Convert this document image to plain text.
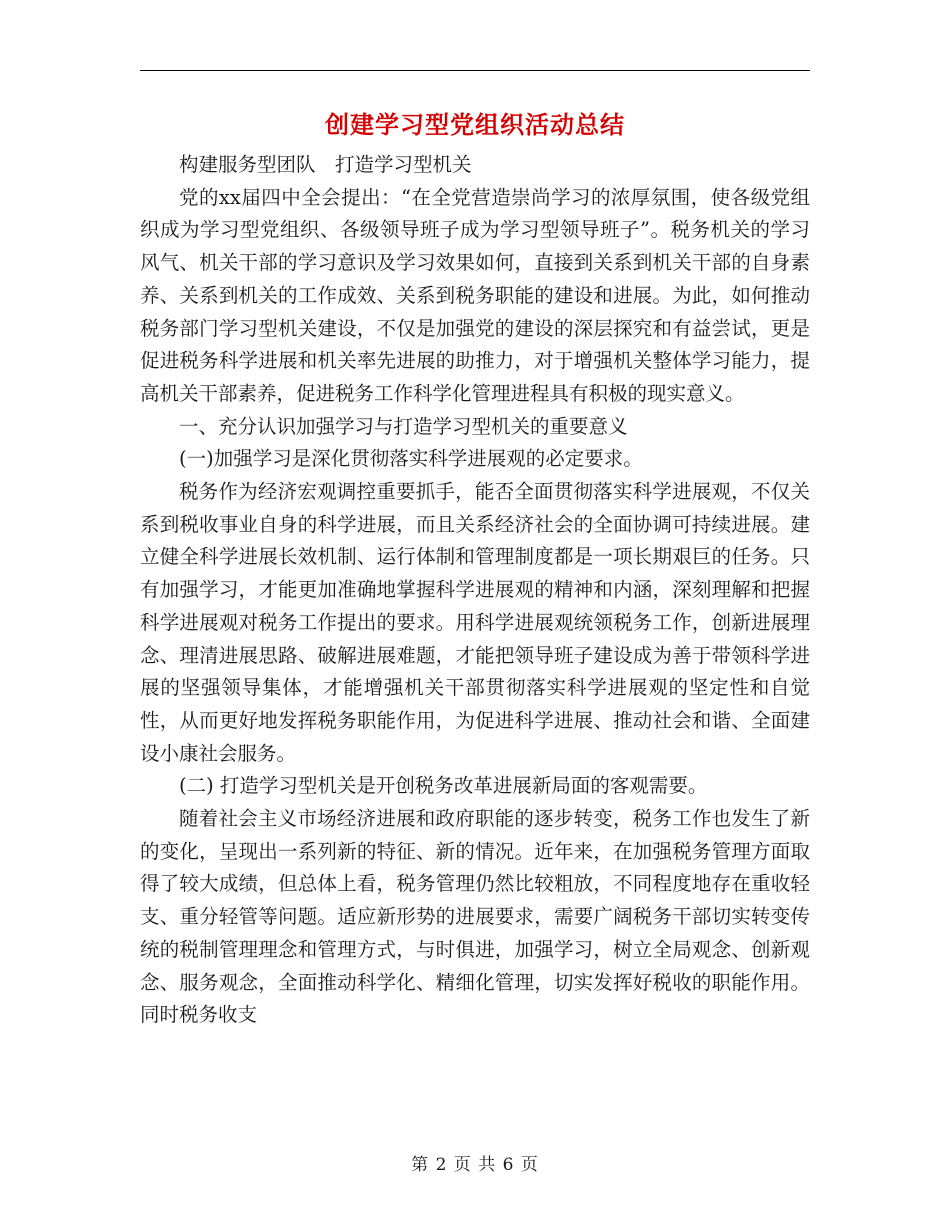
创建学习型党组织活动总结

构建服务型团队　打造学习型机关

党的xx届四中全会提出：“在全党营造崇尚学习的浓厚氛围，使各级党组织成为学习型党组织、各级领导班子成为学习型领导班子”。税务机关的学习风气、机关干部的学习意识及学习效果如何，直接到关系到机关干部的自身素养、关系到机关的工作成效、关系到税务职能的建设和进展。为此，如何推动税务部门学习型机关建设，不仅是加强党的建设的深层探究和有益尝试，更是促进税务科学进展和机关率先进展的助推力，对于增强机关整体学习能力，提高机关干部素养，促进税务工作科学化管理进程具有积极的现实意义。

一、充分认识加强学习与打造学习型机关的重要意义

(一)加强学习是深化贯彻落实科学进展观的必定要求。

税务作为经济宏观调控重要抓手，能否全面贯彻落实科学进展观，不仅关系到税收事业自身的科学进展，而且关系经济社会的全面协调可持续进展。建立健全科学进展长效机制、运行体制和管理制度都是一项长期艰巨的任务。只有加强学习，才能更加准确地掌握科学进展观的精神和内涵，深刻理解和把握科学进展观对税务工作提出的要求。用科学进展观统领税务工作，创新进展理念、理清进展思路、破解进展难题，才能把领导班子建设成为善于带领科学进展的坚强领导集体，才能增强机关干部贯彻落实科学进展观的坚定性和自觉性，从而更好地发挥税务职能作用，为促进科学进展、推动社会和谐、全面建设小康社会服务。

(二) 打造学习型机关是开创税务改革进展新局面的客观需要。

随着社会主义市场经济进展和政府职能的逐步转变，税务工作也发生了新的变化，呈现出一系列新的特征、新的情况。近年来，在加强税务管理方面取得了较大成绩，但总体上看，税务管理仍然比较粗放，不同程度地存在重收轻支、重分轻管等问题。适应新形势的进展要求，需要广阔税务干部切实转变传统的税制管理理念和管理方式，与时俱进，加强学习，树立全局观念、创新观念、服务观念，全面推动科学化、精细化管理，切实发挥好税收的职能作用。同时税务收支

第 2 页 共 6 页
